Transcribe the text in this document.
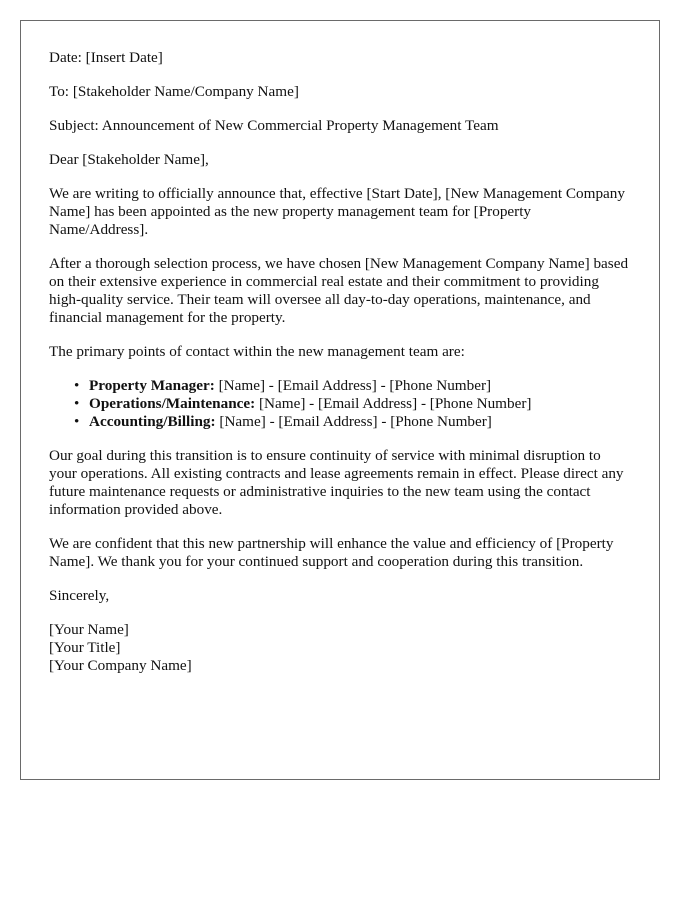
Date: [Insert Date]

To: [Stakeholder Name/Company Name]

Subject: Announcement of New Commercial Property Management Team

Dear [Stakeholder Name],

We are writing to officially announce that, effective [Start Date], [New Management Company Name] has been appointed as the new property management team for [Property Name/Address].

After a thorough selection process, we have chosen [New Management Company Name] based on their extensive experience in commercial real estate and their commitment to providing high-quality service. Their team will oversee all day-to-day operations, maintenance, and financial management for the property.

The primary points of contact within the new management team are:

• Property Manager: [Name] - [Email Address] - [Phone Number]
• Operations/Maintenance: [Name] - [Email Address] - [Phone Number]
• Accounting/Billing: [Name] - [Email Address] - [Phone Number]

Our goal during this transition is to ensure continuity of service with minimal disruption to your operations. All existing contracts and lease agreements remain in effect. Please direct any future maintenance requests or administrative inquiries to the new team using the contact information provided above.

We are confident that this new partnership will enhance the value and efficiency of [Property Name]. We thank you for your continued support and cooperation during this transition.

Sincerely,

[Your Name]
[Your Title]
[Your Company Name]
